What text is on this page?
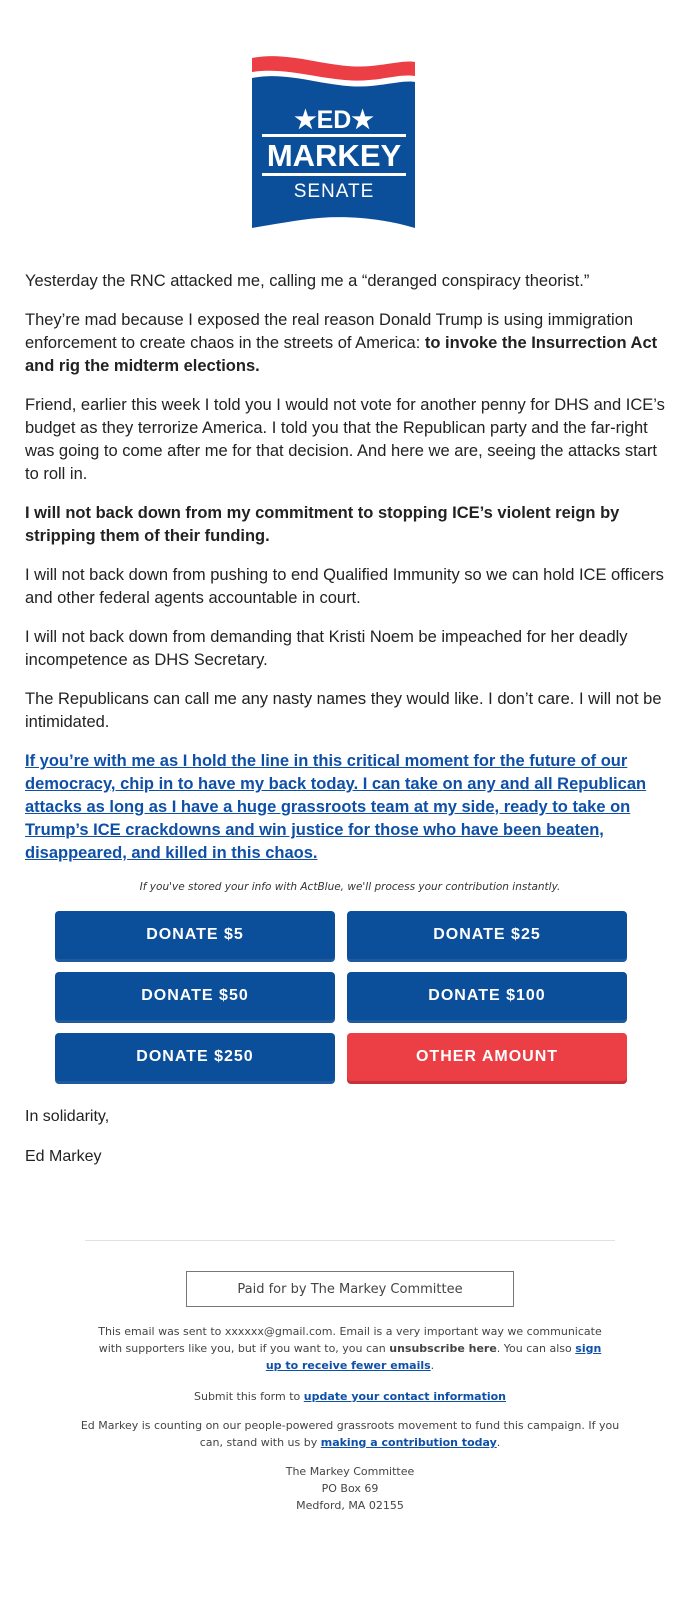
★ED★
MARKEY
SENATE

Yesterday the RNC attacked me, calling me a “deranged conspiracy theorist.”

They’re mad because I exposed the real reason Donald Trump is using immigration enforcement to create chaos in the streets of America: to invoke the Insurrection Act and rig the midterm elections.

Friend, earlier this week I told you I would not vote for another penny for DHS and ICE’s budget as they terrorize America. I told you that the Republican party and the far-right was going to come after me for that decision. And here we are, seeing the attacks start to roll in.

I will not back down from my commitment to stopping ICE’s violent reign by stripping them of their funding.

I will not back down from pushing to end Qualified Immunity so we can hold ICE officers and other federal agents accountable in court.

I will not back down from demanding that Kristi Noem be impeached for her deadly incompetence as DHS Secretary.

The Republicans can call me any nasty names they would like. I don’t care. I will not be intimidated.

If you’re with me as I hold the line in this critical moment for the future of our democracy, chip in to have my back today. I can take on any and all Republican attacks as long as I have a huge grassroots team at my side, ready to take on Trump’s ICE crackdowns and win justice for those who have been beaten, disappeared, and killed in this chaos.

If you've stored your info with ActBlue, we'll process your contribution instantly.
DONATE $5	DONATE $25
DONATE $50	DONATE $100
DONATE $250	OTHER AMOUNT

In solidarity,

Ed Markey

Paid for by The Markey Committee

This email was sent to xxxxxx@gmail.com. Email is a very important way we communicate with supporters like you, but if you want to, you can unsubscribe here. You can also sign up to receive fewer emails.

Submit this form to update your contact information

Ed Markey is counting on our people-powered grassroots movement to fund this campaign. If you can, stand with us by making a contribution today.

The Markey Committee
PO Box 69
Medford, MA 02155
